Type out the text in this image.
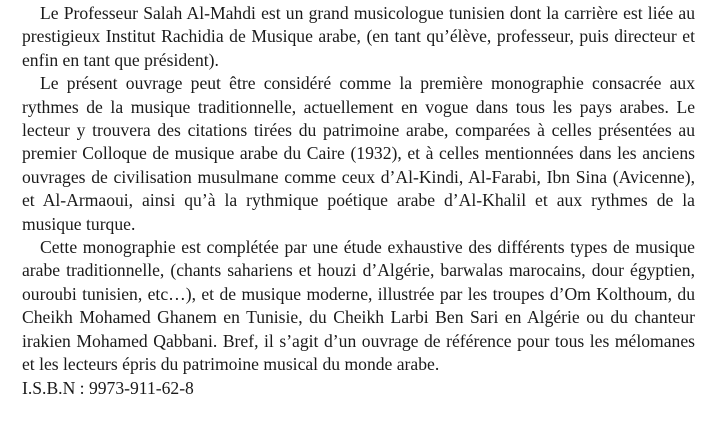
Le Professeur Salah Al-Mahdi est un grand musicologue tunisien dont la carrière est liée au prestigieux Institut Rachidia de Musique arabe, (en tant qu’élève, professeur, puis directeur et enfin en tant que président).

Le présent ouvrage peut être considéré comme la première monographie consacrée aux rythmes de la musique traditionnelle, actuellement en vogue dans tous les pays arabes. Le lecteur y trouvera des citations tirées du patrimoine arabe, comparées à celles présentées au premier Colloque de musique arabe du Caire (1932), et à celles mentionnées dans les anciens ouvrages de civilisation musulmane comme ceux d’Al-Kindi, Al-Farabi, Ibn Sina (Avicenne), et Al-Armaoui, ainsi qu’à la rythmique poétique arabe d’Al-Khalil et aux rythmes de la musique turque.

Cette monographie est complétée par une étude exhaustive des différents types de musique arabe traditionnelle, (chants sahariens et houzi d’Algérie, barwalas marocains, dour égyptien, ouroubi tunisien, etc…), et de musique moderne, illustrée par les troupes d’Om Kolthoum, du Cheikh Mohamed Ghanem en Tunisie, du Cheikh Larbi Ben Sari en Algérie ou du chanteur irakien Mohamed Qabbani. Bref, il s’agit d’un ouvrage de référence pour tous les mélomanes et les lecteurs épris du patrimoine musical du monde arabe.

I.S.B.N : 9973-911-62-8
